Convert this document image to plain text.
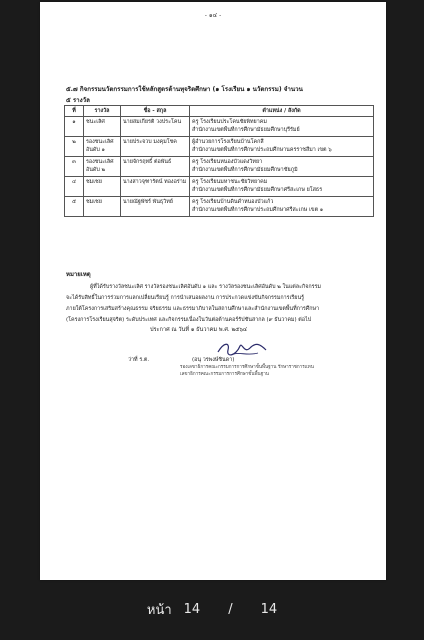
- ๑๔ -
๕.๗ กิจกรรมนวัตกรรมการใช้หลักสูตรต้านทุจริตศึกษา (๑ โรงเรียน ๑ นวัตกรรม) จำนวน
๕ รางวัล
ที่	รางวัล	ชื่อ - สกุล	ตำแหน่ง / สังกัด
๑	ชนะเลิศ	นายสมเกียรติ วงประโคน	ครู โรงเรียนประโคนชัยพิทยาคม
สำนักงานเขตพื้นที่การศึกษามัธยมศึกษาบุรีรัมย์

๒	รองชนะเลิศ
อันดับ ๑	นายประจวบ มงคุมโชค	ผู้อำนวยการโรงเรียนบ้านโคกสี
สำนักงานเขตพื้นที่การศึกษาประถมศึกษานครราชสีมา เขต ๖

๓	รองชนะเลิศ
อันดับ ๒	นายจักรฤทธิ์ ต่อพันธ์	ครู โรงเรียนหนองบัวแดงวิทยา
สำนักงานเขตพื้นที่การศึกษามัธยมศึกษาชัยภูมิ

๔	ชมเชย	นางสาวจุฑารัตน์ ทองอร่าม	ครู โรงเรียนมหาชนะชัยวิทยาคม
สำนักงานเขตพื้นที่การศึกษามัธยมศึกษาศรีสะเกษ ยโสธร

๕	ชมเชย	นายณัฐพัชร์ พันธุวิทย์	ครู โรงเรียนบ้านดินดำหนองบัวแก้ว
สำนักงานเขตพื้นที่การศึกษาประถมศึกษาศรีสะเกษ เขต ๑
หมายเหตุ
ผู้ที่ได้รับรางวัลชนะเลิศ รางวัลรองชนะเลิศอันดับ ๑ และ รางวัลรองชนะเลิศอันดับ ๒ ในแต่ละกิจกรรม
จะได้รับสิทธิ์ในการร่วมการแลกเปลี่ยนเรียนรู้ การนำเสนอผลงาน การประกวดแข่งขันกิจกรรมการเรียนรู้
ภายใต้โครงการเสริมสร้างคุณธรรม จริยธรรม และธรรมาภิบาลในสถานศึกษาและสำนักงานเขตพื้นที่การศึกษา
(โครงการโรงเรียนสุจริต) ระดับประเทศ และกิจกรรมเนื่องในวันต่อต้านคอร์รัปชันสากล (๙ ธันวาคม) ต่อไป
ประกาศ ณ วันที่ ๑ ธันวาคม พ.ศ. ๒๕๖๔
ว่าที่ ร.ต.	(อนุ วรพงษ์ชินดา)
รองเลขาธิการคณะกรรมการการศึกษาขั้นพื้นฐาน รักษาราชการแทน
เลขาธิการคณะกรรมการการศึกษาขั้นพื้นฐาน
หน้า 14 / 14
